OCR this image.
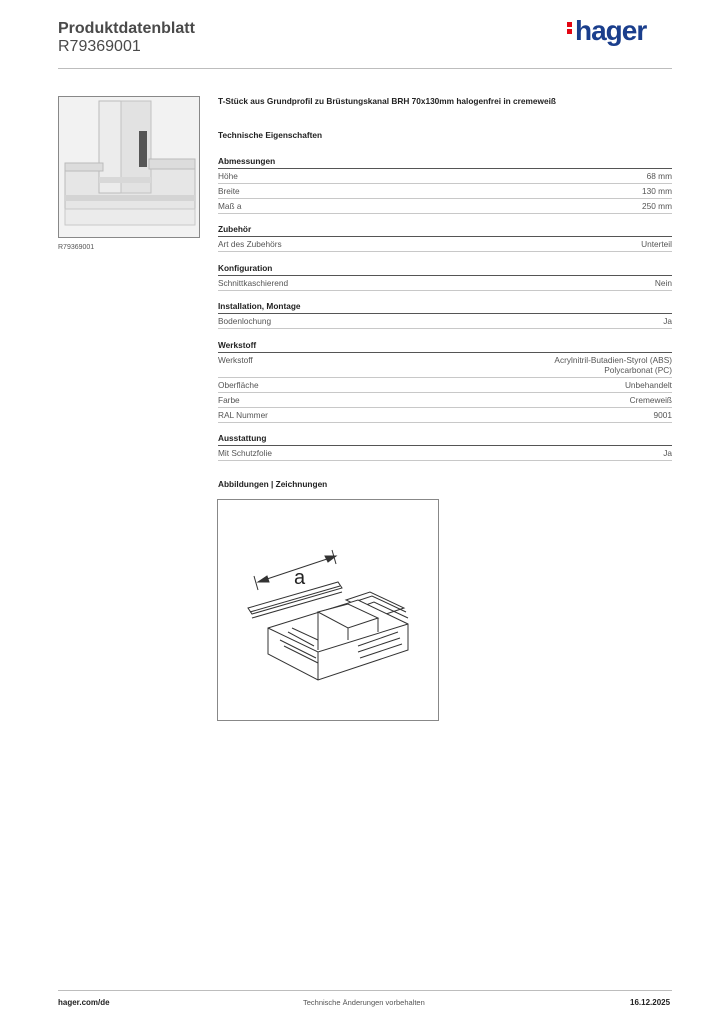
Produktdatenblatt
R79369001
hager
R79369001
T-Stück aus Grundprofil zu Brüstungskanal BRH 70x130mm halogenfrei in cremeweiß
Technische Eigenschaften
Abmessungen
Höhe	68 mm
Breite	130 mm
Maß a	250 mm
Zubehör
Art des Zubehörs	Unterteil
Konfiguration
Schnittkaschierend	Nein
Installation, Montage
Bodenlochung	Ja
Werkstoff
Werkstoff	Acrylnitril-Butadien-Styrol (ABS)
Polycarbonat (PC)
Oberfläche	Unbehandelt
Farbe	Cremeweiß
RAL Nummer	9001
Ausstattung
Mit Schutzfolie	Ja
Abbildungen | Zeichnungen
a
hager.com/de	Technische Änderungen vorbehalten	16.12.2025
